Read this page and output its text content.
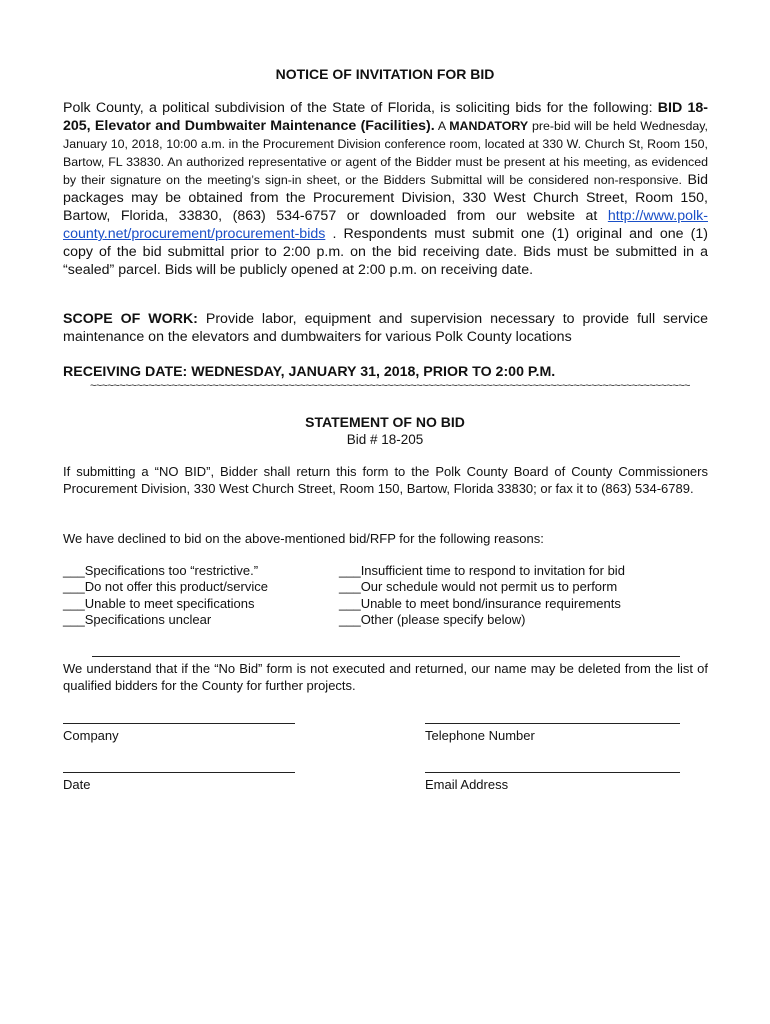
NOTICE OF INVITATION FOR BID
Polk County, a political subdivision of the State of Florida, is soliciting bids for the following: BID 18-205, Elevator and Dumbwaiter Maintenance (Facilities). A MANDATORY pre-bid will be held Wednesday, January 10, 2018, 10:00 a.m. in the Procurement Division conference room, located at 330 W. Church St, Room 150, Bartow, FL 33830. An authorized representative or agent of the Bidder must be present at his meeting, as evidenced by their signature on the meeting’s sign-in sheet, or the Bidders Submittal will be considered non-responsive. Bid packages may be obtained from the Procurement Division, 330 West Church Street, Room 150, Bartow, Florida, 33830, (863) 534-6757 or downloaded from our website at http://www.polk-county.net/procurement/procurement-bids . Respondents must submit one (1) original and one (1) copy of the bid submittal prior to 2:00 p.m. on the bid receiving date. Bids must be submitted in a “sealed” parcel. Bids will be publicly opened at 2:00 p.m. on receiving date.
SCOPE OF WORK: Provide labor, equipment and supervision necessary to provide full service maintenance on the elevators and dumbwaiters for various Polk County locations
RECEIVING DATE: WEDNESDAY, JANUARY 31, 2018, PRIOR TO 2:00 P.M.
~~~~~~~~~~~~~~~~~~~~~~~~~~~~~~~~~~~~~~~~~~~~~~~~~~~~~~~~~~~~~~~~~~~~~~~~~~~~~~~~~~~~~~~~~~~~~~~~~~~~~~~
STATEMENT OF NO BID
Bid # 18-205
If submitting a “NO BID”, Bidder shall return this form to the Polk County Board of County Commissioners Procurement Division, 330 West Church Street, Room 150, Bartow, Florida 33830; or fax it to (863) 534-6789.
We have declined to bid on the above-mentioned bid/RFP for the following reasons:
___Specifications too “restrictive.”
___Do not offer this product/service
___Unable to meet specifications
___Specifications unclear
___Insufficient time to respond to invitation for bid
___Our schedule would not permit us to perform
___Unable to meet bond/insurance requirements
___Other (please specify below)
We understand that if the “No Bid” form is not executed and returned, our name may be deleted from the list of qualified bidders for the County for further projects.
Company	Telephone Number
Date	Email Address
